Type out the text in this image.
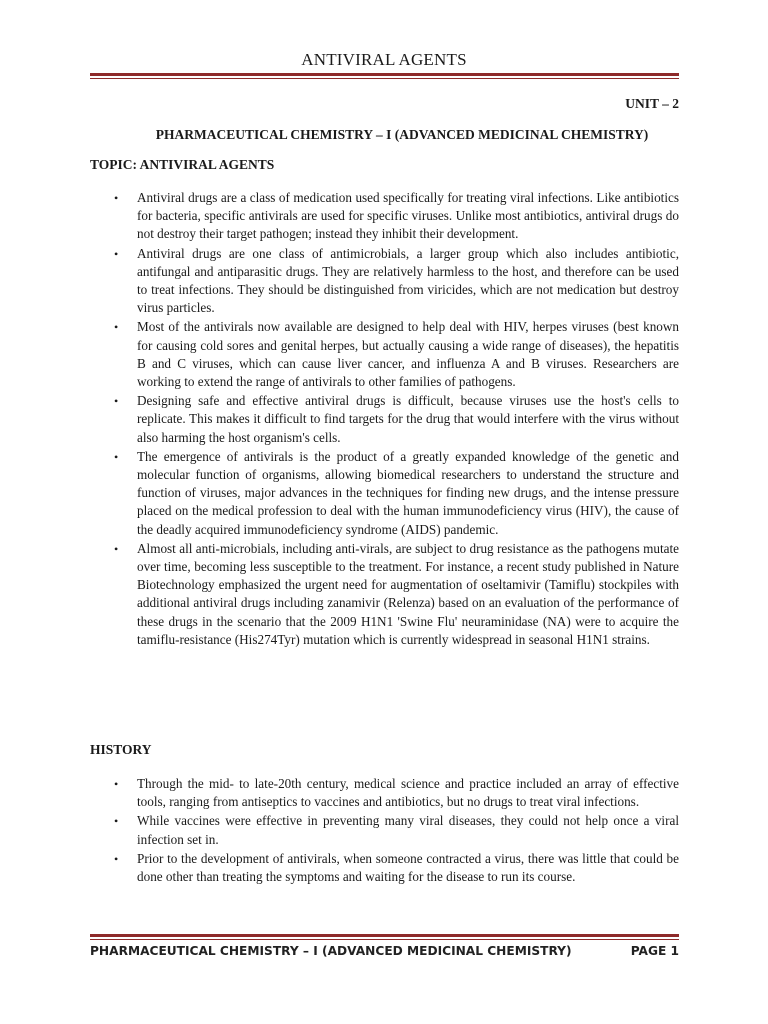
ANTIVIRAL AGENTS
UNIT – 2
PHARMACEUTICAL CHEMISTRY – I (ADVANCED MEDICINAL CHEMISTRY)
TOPIC: ANTIVIRAL AGENTS
• Antiviral drugs are a class of medication used specifically for treating viral infections. Like antibiotics for bacteria, specific antivirals are used for specific viruses. Unlike most antibiotics, antiviral drugs do not destroy their target pathogen; instead they inhibit their development.
• Antiviral drugs are one class of antimicrobials, a larger group which also includes antibiotic, antifungal and antiparasitic drugs. They are relatively harmless to the host, and therefore can be used to treat infections. They should be distinguished from viricides, which are not medication but destroy virus particles.
• Most of the antivirals now available are designed to help deal with HIV, herpes viruses (best known for causing cold sores and genital herpes, but actually causing a wide range of diseases), the hepatitis B and C viruses, which can cause liver cancer, and influenza A and B viruses. Researchers are working to extend the range of antivirals to other families of pathogens.
• Designing safe and effective antiviral drugs is difficult, because viruses use the host's cells to replicate. This makes it difficult to find targets for the drug that would interfere with the virus without also harming the host organism's cells.
• The emergence of antivirals is the product of a greatly expanded knowledge of the genetic and molecular function of organisms, allowing biomedical researchers to understand the structure and function of viruses, major advances in the techniques for finding new drugs, and the intense pressure placed on the medical profession to deal with the human immunodeficiency virus (HIV), the cause of the deadly acquired immunodeficiency syndrome (AIDS) pandemic.
• Almost all anti-microbials, including anti-virals, are subject to drug resistance as the pathogens mutate over time, becoming less susceptible to the treatment. For instance, a recent study published in Nature Biotechnology emphasized the urgent need for augmentation of oseltamivir (Tamiflu) stockpiles with additional antiviral drugs including zanamivir (Relenza) based on an evaluation of the performance of these drugs in the scenario that the 2009 H1N1 'Swine Flu' neuraminidase (NA) were to acquire the tamiflu-resistance (His274Tyr) mutation which is currently widespread in seasonal H1N1 strains.
HISTORY
• Through the mid- to late-20th century, medical science and practice included an array of effective tools, ranging from antiseptics to vaccines and antibiotics, but no drugs to treat viral infections.
• While vaccines were effective in preventing many viral diseases, they could not help once a viral infection set in.
• Prior to the development of antivirals, when someone contracted a virus, there was little that could be done other than treating the symptoms and waiting for the disease to run its course.
PHARMACEUTICAL CHEMISTRY – I (ADVANCED MEDICINAL CHEMISTRY)	PAGE 1
